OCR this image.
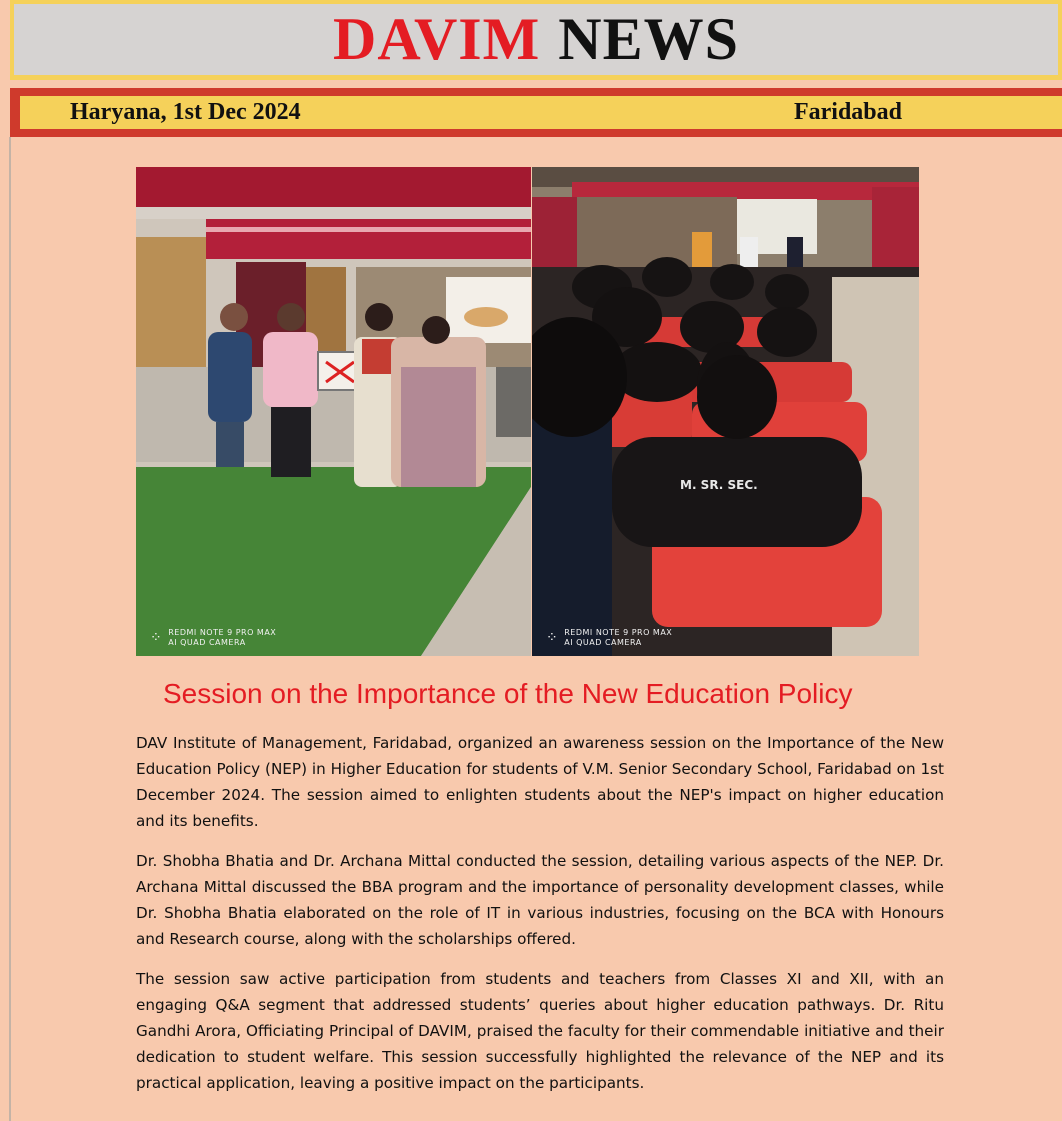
DAVIM NEWS
Haryana, 1st Dec 2024	Faridabad
⁘ REDMI NOTE 9 PRO MAX
AI QUAD CAMERA
M. SR. SEC.
⁘ REDMI NOTE 9 PRO MAX
AI QUAD CAMERA
Session on the Importance of the New Education Policy

DAV Institute of Management, Faridabad, organized an awareness session on the Importance of the New Education Policy (NEP) in Higher Education for students of V.M. Senior Secondary School, Faridabad on 1st December 2024. The session aimed to enlighten students about the NEP's impact on higher education and its benefits.

Dr. Shobha Bhatia and Dr. Archana Mittal conducted the session, detailing various aspects of the NEP. Dr. Archana Mittal discussed the BBA program and the importance of personality development classes, while Dr. Shobha Bhatia elaborated on the role of IT in various industries, focusing on the BCA with Honours and Research course, along with the scholarships offered.

The session saw active participation from students and teachers from Classes XI and XII, with an engaging Q&A segment that addressed students’ queries about higher education pathways. Dr. Ritu Gandhi Arora, Officiating Principal of DAVIM, praised the faculty for their commendable initiative and their dedication to student welfare. This session successfully highlighted the relevance of the NEP and its practical application, leaving a positive impact on the participants.
